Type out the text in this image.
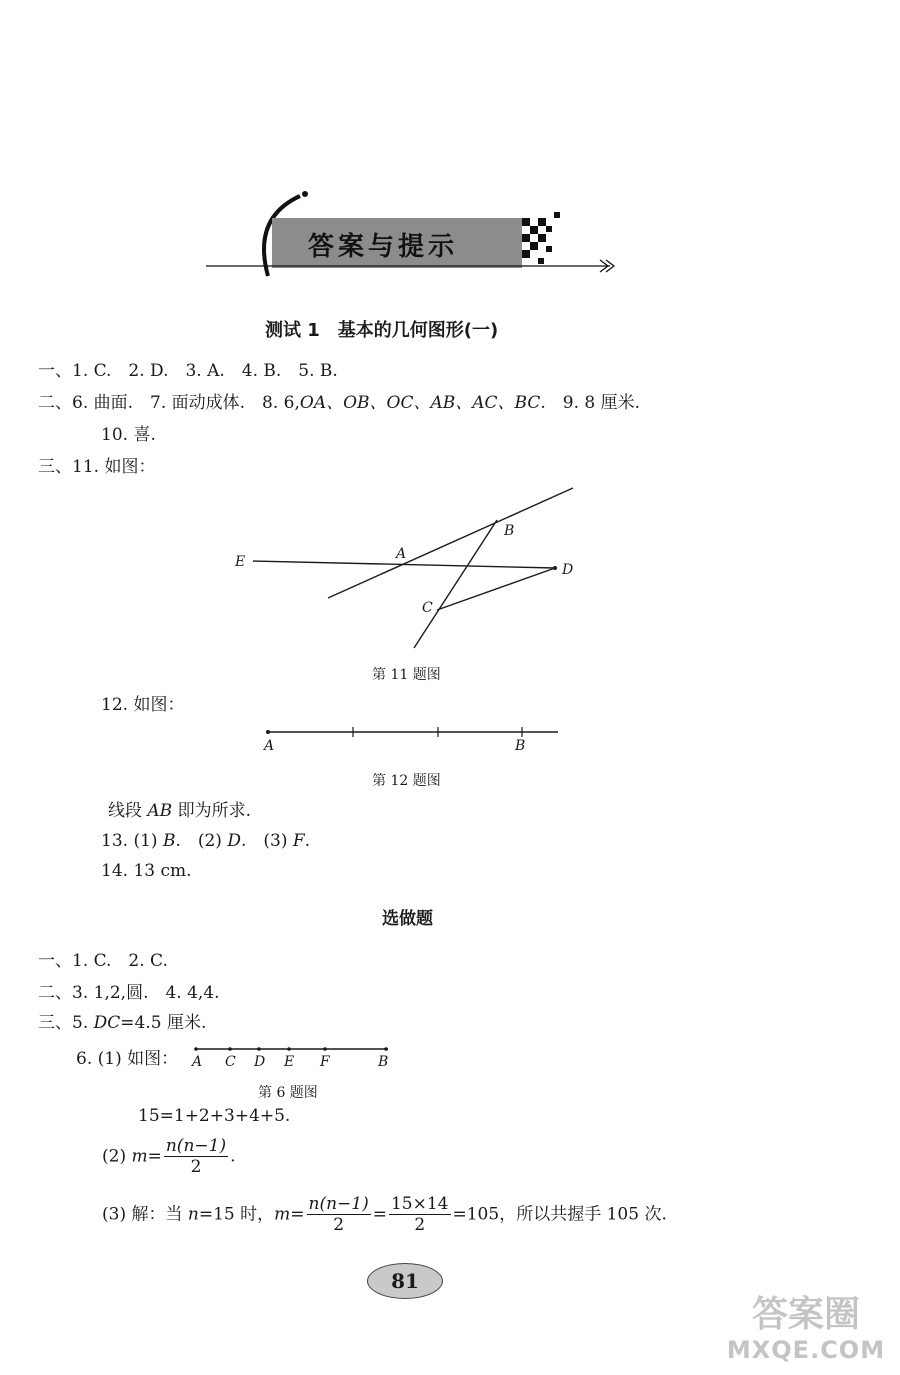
答案与提示
测试 1　基本的几何图形(一)
一、1. C.　2. D.　3. A.　4. B.　5. B.
二、6. 曲面.　7. 面动成体.　8. 6,OA、OB、OC、AB、AC、BC.　9. 8 厘米.
10. 喜.
三、11. 如图：
E	A
B
D
C
第 11 题图
12. 如图：
A	B
第 12 题图
线段 AB 即为所求.
13. (1) B.　(2) D.　(3) F.
14. 13 cm.
选做题
一、1. C.　2. C.
二、3. 1,2,圆.　4. 4,4.
三、5. DC=4.5 厘米.
6. (1) 如图： A C D E F	B
第 6 题图
15=1+2+3+4+5.
(2) $m= \frac{n(n-1)}{2}$ .
(3) 解：当 n=15 时，$m= \frac{n(n-1)}{2} = \frac{15\times 14}{2} =105$，所以共握手 105 次.
81
答案圈
MXQE.COM
